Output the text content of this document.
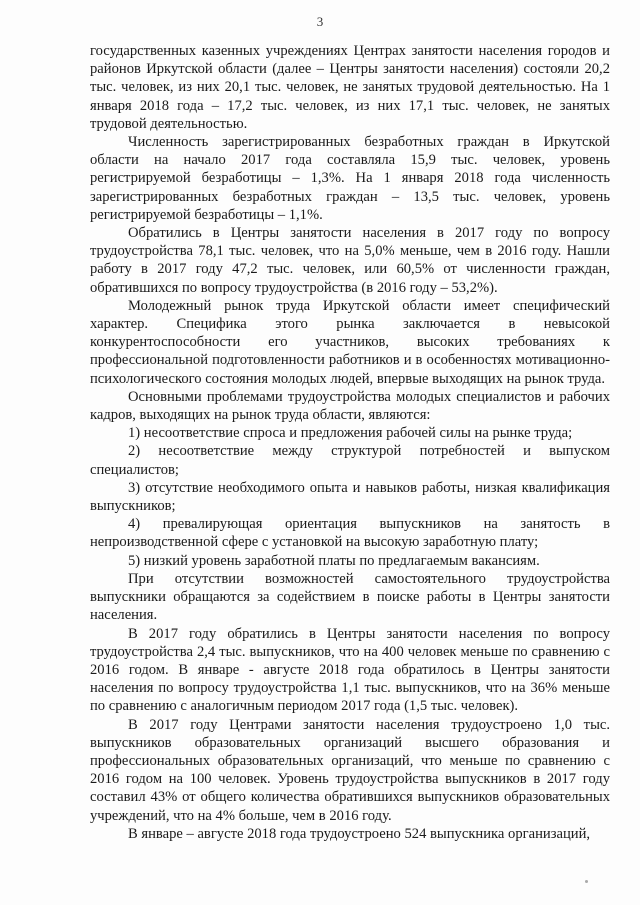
3

государственных казенных учреждениях Центрах занятости населения городов и районов Иркутской области (далее – Центры занятости населения) состояли 20,2 тыс. человек, из них 20,1 тыс. человек, не занятых трудовой деятельностью. На 1 января 2018 года – 17,2 тыс. человек, из них 17,1 тыс. человек, не занятых трудовой деятельностью.

Численность зарегистрированных безработных граждан в Иркутской области на начало 2017 года составляла 15,9 тыс. человек, уровень регистрируемой безработицы – 1,3%. На 1 января 2018 года численность зарегистрированных безработных граждан – 13,5 тыс. человек, уровень регистрируемой безработицы – 1,1%.

Обратились в Центры занятости населения в 2017 году по вопросу трудоустройства 78,1 тыс. человек, что на 5,0% меньше, чем в 2016 году. Нашли работу в 2017 году 47,2 тыс. человек, или 60,5% от численности граждан, обратившихся по вопросу трудоустройства (в 2016 году – 53,2%).

Молодежный рынок труда Иркутской области имеет специфический характер. Специфика этого рынка заключается в невысокой конкурентоспособности его участников, высоких требованиях к профессиональной подготовленности работников и в особенностях мотивационно-психологического состояния молодых людей, впервые выходящих на рынок труда.

Основными проблемами трудоустройства молодых специалистов и рабочих кадров, выходящих на рынок труда области, являются:

1) несоответствие спроса и предложения рабочей силы на рынке труда;

2) несоответствие между структурой потребностей и выпуском специалистов;

3) отсутствие необходимого опыта и навыков работы, низкая квалификация выпускников;

4) превалирующая ориентация выпускников на занятость в непроизводственной сфере с установкой на высокую заработную плату;

5) низкий уровень заработной платы по предлагаемым вакансиям.

При отсутствии возможностей самостоятельного трудоустройства выпускники обращаются за содействием в поиске работы в Центры занятости населения.

В 2017 году обратились в Центры занятости населения по вопросу трудоустройства 2,4 тыс. выпускников, что на 400 человек меньше по сравнению с 2016 годом. В январе - августе 2018 года обратилось в Центры занятости населения по вопросу трудоустройства 1,1 тыс. выпускников, что на 36% меньше по сравнению с аналогичным периодом 2017 года (1,5 тыс. человек).

В 2017 году Центрами занятости населения трудоустроено 1,0 тыс. выпускников образовательных организаций высшего образования и профессиональных образовательных организаций, что меньше по сравнению с 2016 годом на 100 человек. Уровень трудоустройства выпускников в 2017 году составил 43% от общего количества обратившихся выпускников образовательных учреждений, что на 4% больше, чем в 2016 году.

В январе – августе 2018 года трудоустроено 524 выпускника организаций,
